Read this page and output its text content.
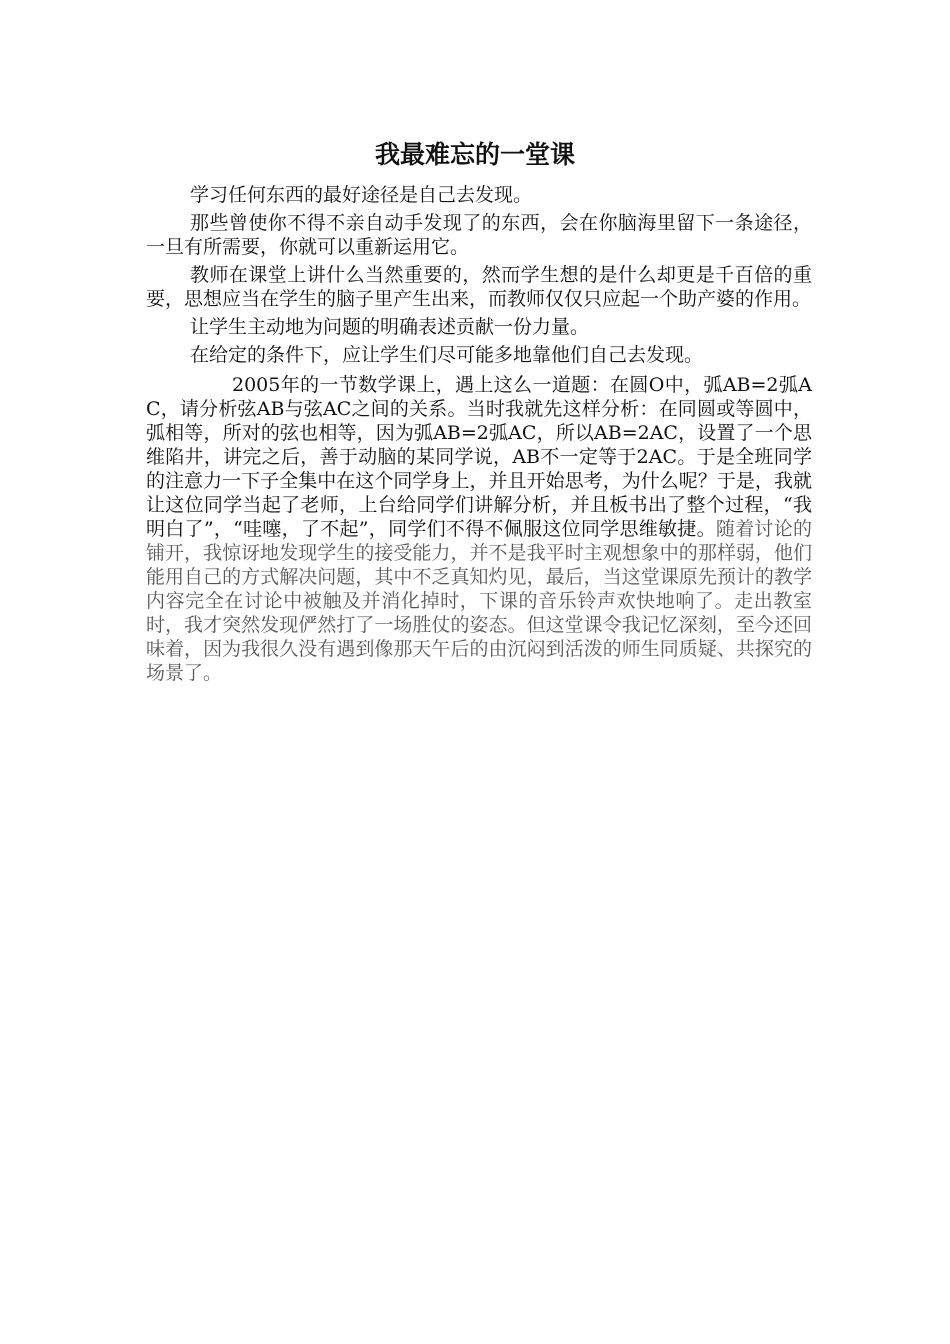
我最难忘的一堂课

学习任何东西的最好途径是自己去发现。

那些曾使你不得不亲自动手发现了的东西，会在你脑海里留下一条途径，一旦有所需要，你就可以重新运用它。

教师在课堂上讲什么当然重要的，然而学生想的是什么却更是千百倍的重要，思想应当在学生的脑子里产生出来，而教师仅仅只应起一个助产婆的作用。

让学生主动地为问题的明确表述贡献一份力量。

在给定的条件下，应让学生们尽可能多地靠他们自己去发现。

2005年的一节数学课上，遇上这么一道题：在圆O中，弧AB=2弧AC，请分析弦AB与弦AC之间的关系。当时我就先这样分析：在同圆或等圆中，弧相等，所对的弦也相等，因为弧AB=2弧AC，所以AB=2AC，设置了一个思维陷井，讲完之后，善于动脑的某同学说，AB不一定等于2AC。于是全班同学的注意力一下子全集中在这个同学身上，并且开始思考，为什么呢？于是，我就让这位同学当起了老师，上台给同学们讲解分析，并且板书出了整个过程，“我明白了”，“哇噻，了不起”，同学们不得不佩服这位同学思维敏捷。随着讨论的铺开，我惊讶地发现学生的接受能力，并不是我平时主观想象中的那样弱，他们能用自己的方式解决问题，其中不乏真知灼见，最后，当这堂课原先预计的教学内容完全在讨论中被触及并消化掉时，下课的音乐铃声欢快地响了。走出教室时，我才突然发现俨然打了一场胜仗的姿态。但这堂课令我记忆深刻，至今还回味着，因为我很久没有遇到像那天午后的由沉闷到活泼的师生同质疑、共探究的场景了。
